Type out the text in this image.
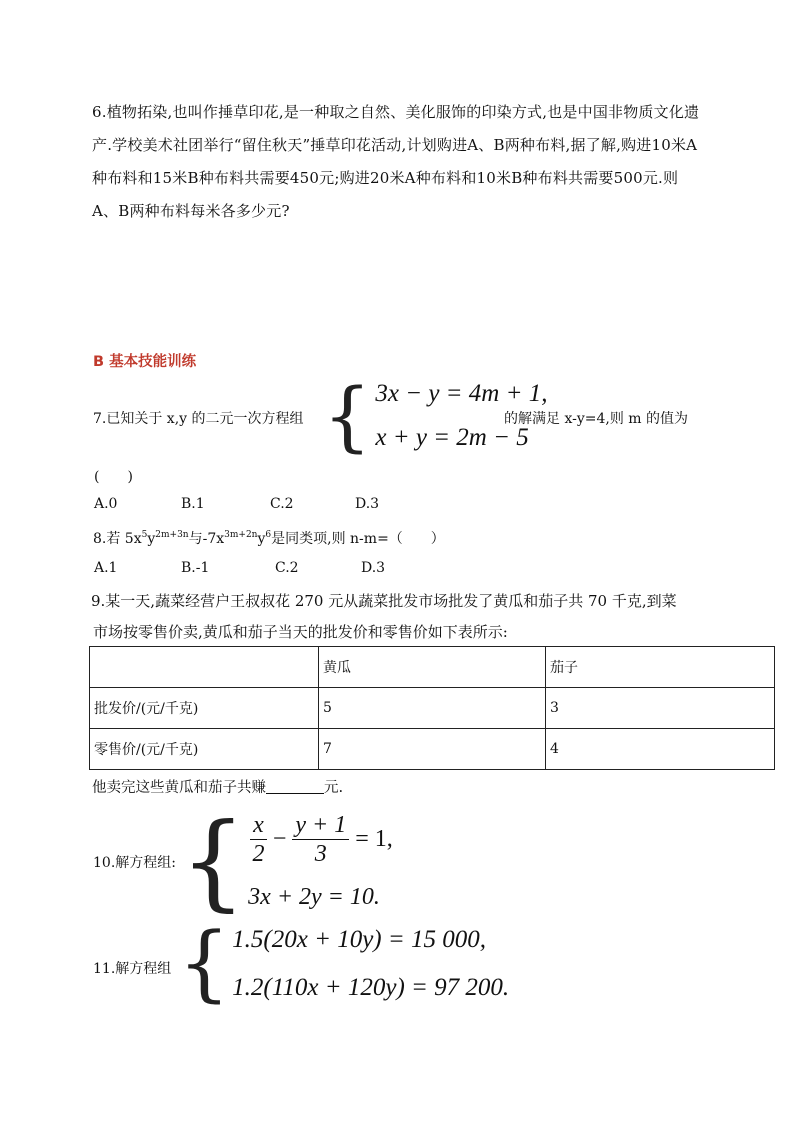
6.植物拓染,也叫作捶草印花,是一种取之自然、美化服饰的印染方式,也是中国非物质文化遗产.学校美术社团举行“留住秋天”捶草印花活动,计划购进A、B两种布料,据了解,购进10米A种布料和15米B种布料共需要450元;购进20米A种布料和10米B种布料共需要500元.则A、B两种布料每米各多少元?
B 基本技能训练
7.已知关于 x,y 的二元一次方程组 { 3x − y = 4m + 1,
x + y = 2m − 5
的解满足 x-y=4,则 m 的值为
(　　)
A.0	B.1	C.2	D.3
8.若 $5x^5y^{2m+3n}$与$-7x^{3m+2n}y^6$是同类项,则 n-m=（　　）
A.1	B.-1	C.2	D.3
9.某一天,蔬菜经营户王叔叔花 270 元从蔬菜批发市场批发了黄瓜和茄子共 70 千克,到菜
市场按零售价卖,黄瓜和茄子当天的批发价和零售价如下表所示:
	黄瓜	茄子
批发价/(元/千克)	5	3
零售价/(元/千克)	7	4
他卖完这些黄瓜和茄子共赚	元.
10.解方程组: { $\frac{x}{2} - \frac{y + 1}{3} = 1$,
3x + 2y = 10.
11.解方程组 { 1.5(20x + 10y) = 15 000,
1.2(110x + 120y) = 97 200.
